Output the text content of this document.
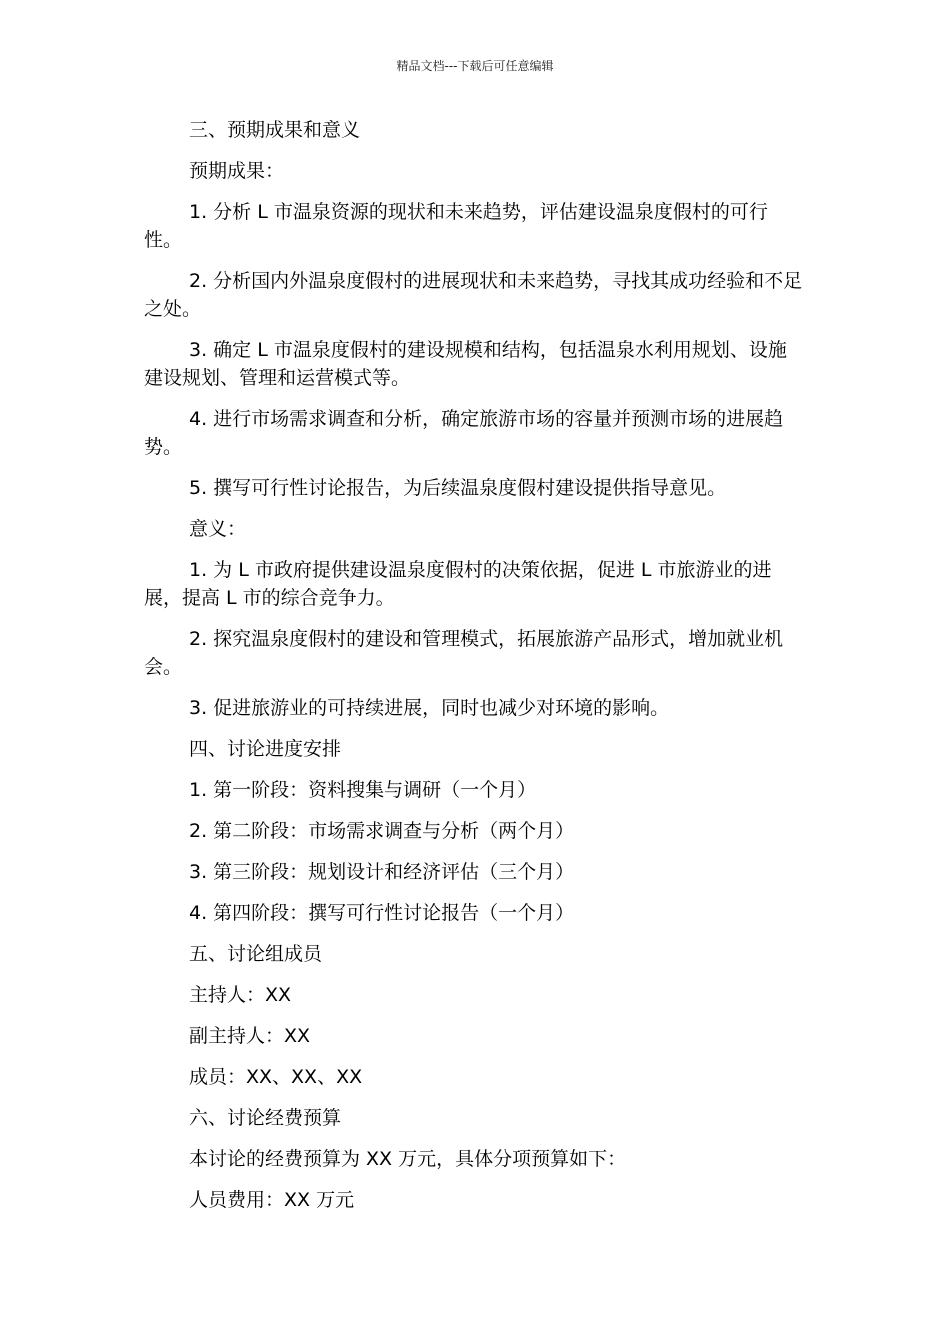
精品文档---下载后可任意编辑

三、预期成果和意义

预期成果：

1. 分析 L 市温泉资源的现状和未来趋势，评估建设温泉度假村的可行性。

2. 分析国内外温泉度假村的进展现状和未来趋势，寻找其成功经验和不足之处。

3. 确定 L 市温泉度假村的建设规模和结构，包括温泉水利用规划、设施建设规划、管理和运营模式等。

4. 进行市场需求调查和分析，确定旅游市场的容量并预测市场的进展趋势。

5. 撰写可行性讨论报告，为后续温泉度假村建设提供指导意见。

意义：

1. 为 L 市政府提供建设温泉度假村的决策依据，促进 L 市旅游业的进展，提高 L 市的综合竞争力。

2. 探究温泉度假村的建设和管理模式，拓展旅游产品形式，增加就业机会。

3. 促进旅游业的可持续进展，同时也减少对环境的影响。

四、讨论进度安排

1. 第一阶段：资料搜集与调研（一个月）

2. 第二阶段：市场需求调查与分析（两个月）

3. 第三阶段：规划设计和经济评估（三个月）

4. 第四阶段：撰写可行性讨论报告（一个月）

五、讨论组成员

主持人：XX

副主持人：XX

成员：XX、XX、XX

六、讨论经费预算

本讨论的经费预算为 XX 万元，具体分项预算如下：

人员费用：XX 万元
